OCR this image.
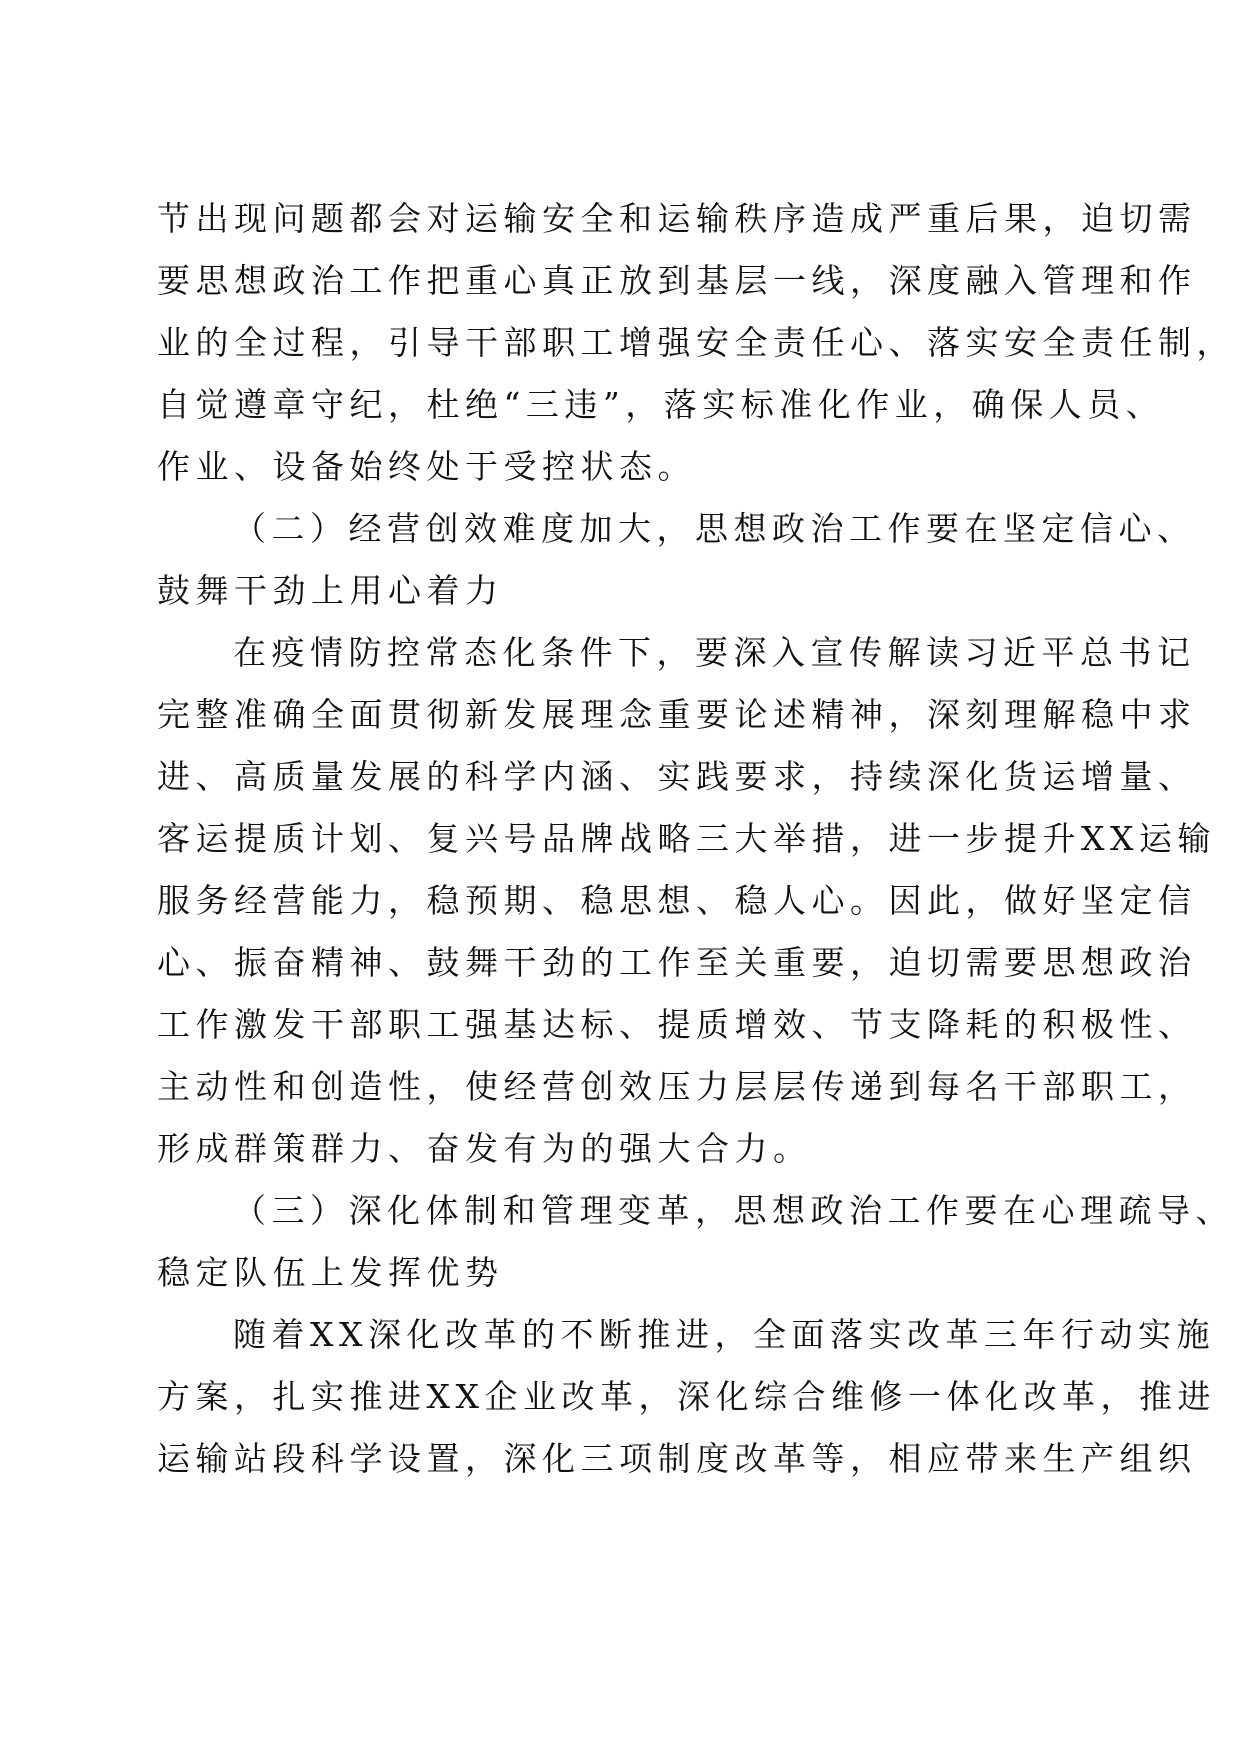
节出现问题都会对运输安全和运输秩序造成严重后果，迫切需
要思想政治工作把重心真正放到基层一线，深度融入管理和作
业的全过程，引导干部职工增强安全责任心、落实安全责任制，
自觉遵章守纪，杜绝“三违”，落实标准化作业，确保人员、
作业、设备始终处于受控状态。
（二）经营创效难度加大，思想政治工作要在坚定信心、
鼓舞干劲上用心着力
在疫情防控常态化条件下，要深入宣传解读习近平总书记
完整准确全面贯彻新发展理念重要论述精神，深刻理解稳中求
进、高质量发展的科学内涵、实践要求，持续深化货运增量、
客运提质计划、复兴号品牌战略三大举措，进一步提升XX运输
服务经营能力，稳预期、稳思想、稳人心。因此，做好坚定信
心、振奋精神、鼓舞干劲的工作至关重要，迫切需要思想政治
工作激发干部职工强基达标、提质增效、节支降耗的积极性、
主动性和创造性，使经营创效压力层层传递到每名干部职工，
形成群策群力、奋发有为的强大合力。
（三）深化体制和管理变革，思想政治工作要在心理疏导、
稳定队伍上发挥优势
随着XX深化改革的不断推进，全面落实改革三年行动实施
方案，扎实推进XX企业改革，深化综合维修一体化改革，推进
运输站段科学设置，深化三项制度改革等，相应带来生产组织
